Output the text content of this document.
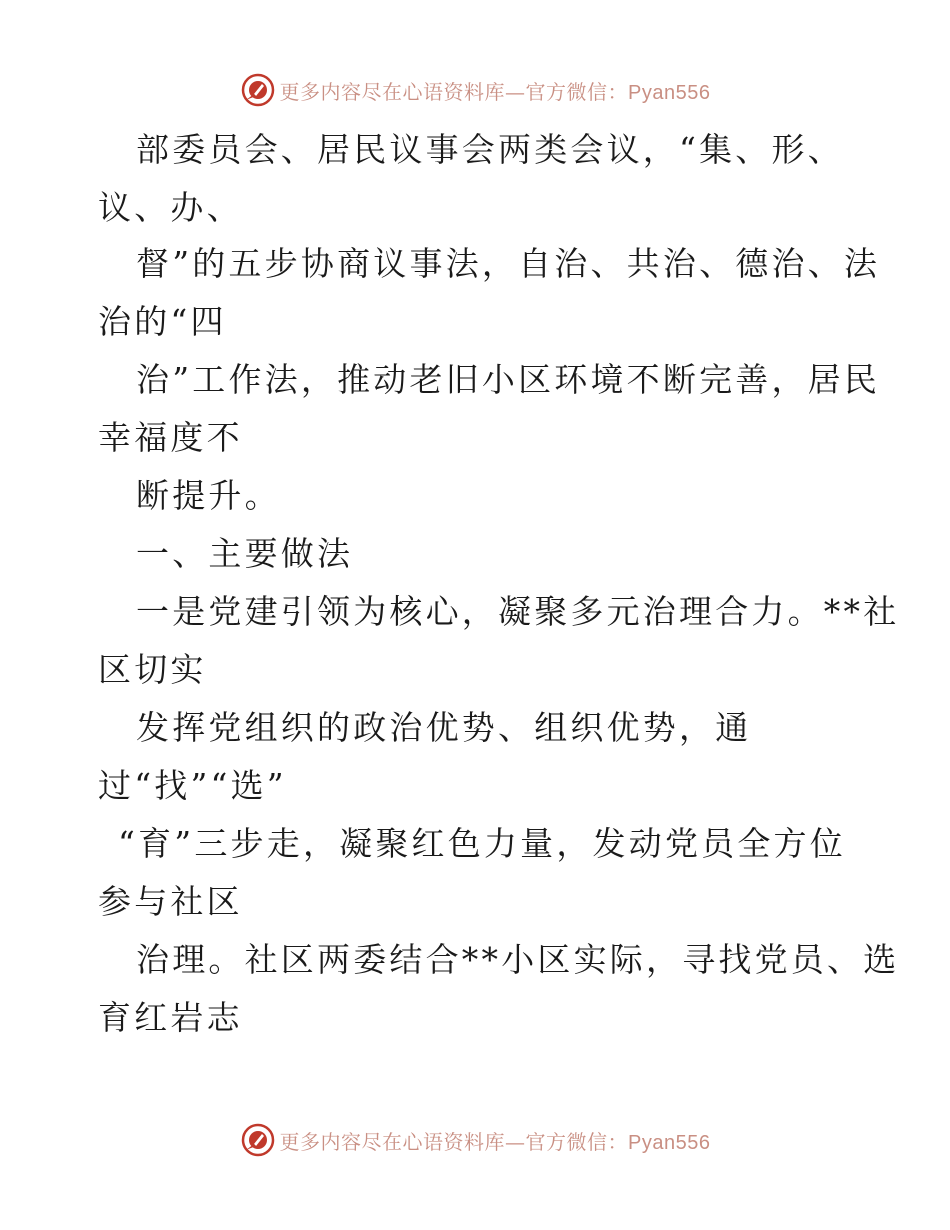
更多内容尽在心语资料库—官方微信：Pyan556
部委员会、居民议事会两类会议，“集、形、
议、办、
督”的五步协商议事法，自治、共治、德治、法
治的“四
治”工作法，推动老旧小区环境不断完善，居民
幸福度不
断提升。
一、主要做法
一是党建引领为核心，凝聚多元治理合力。**社
区切实
发挥党组织的政治优势、组织优势，通
过“找”“选”
“育”三步走，凝聚红色力量，发动党员全方位
参与社区
治理。社区两委结合**小区实际，寻找党员、选
育红岩志
更多内容尽在心语资料库—官方微信：Pyan556
